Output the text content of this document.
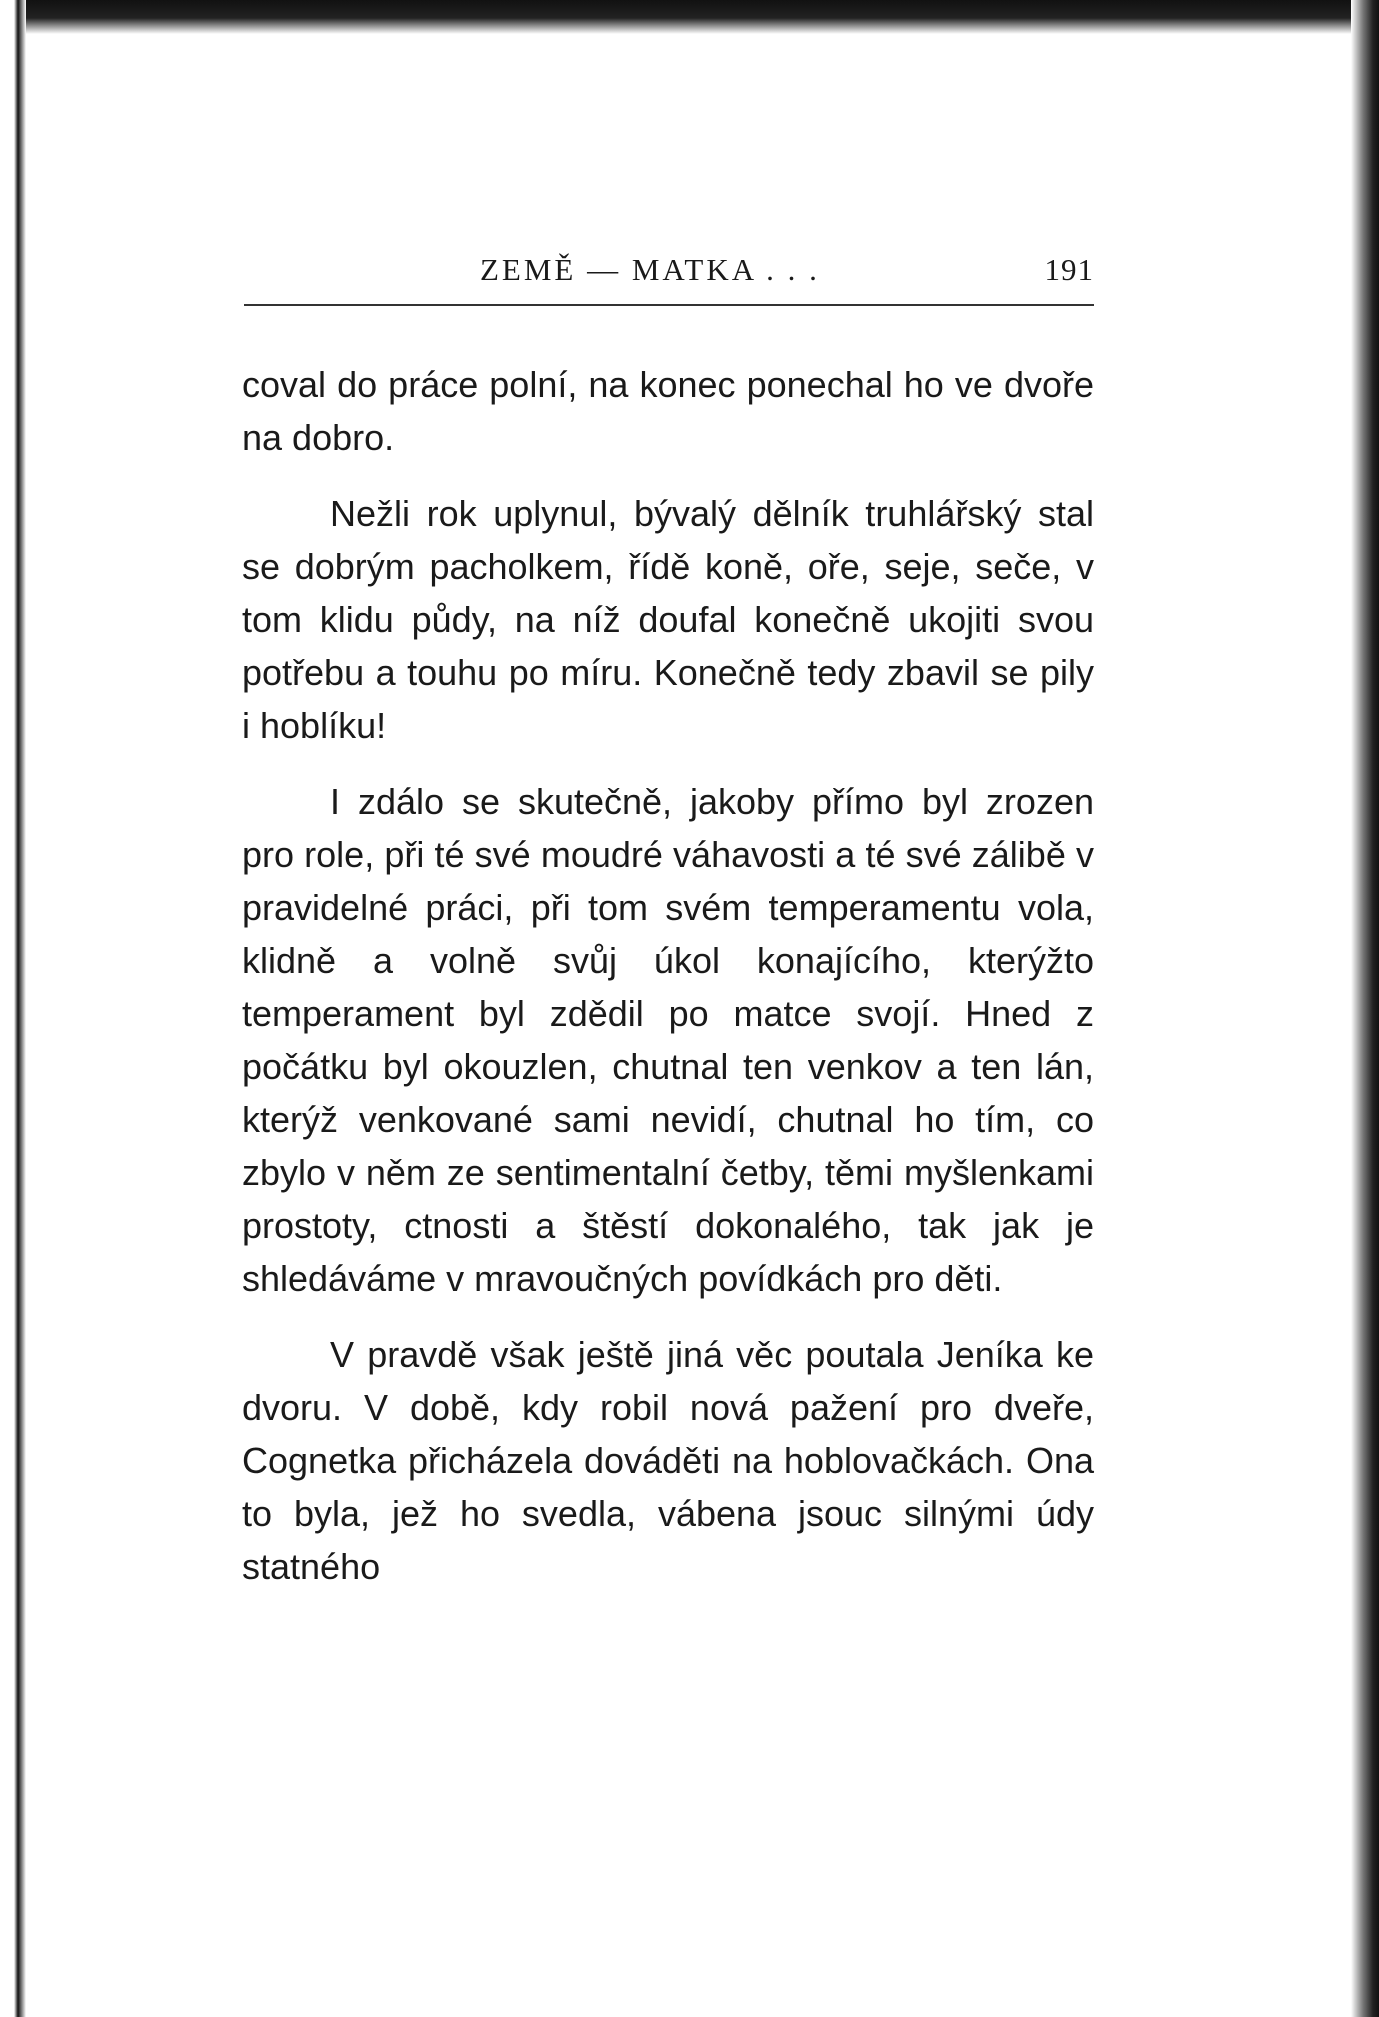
ZEMĚ — MATKA . . .	191

coval do práce polní, na konec ponechal ho ve dvoře na dobro.

Nežli rok uplynul, bývalý dělník truhlářský stal se dobrým pacholkem, řídě koně, oře, seje, seče, v tom klidu půdy, na níž doufal konečně ukojiti svou potřebu a touhu po míru. Konečně tedy zbavil se pily i hoblíku!

I zdálo se skutečně, jakoby přímo byl zrozen pro role, při té své moudré váhavosti a té své zálibě v pravidelné práci, při tom svém temperamentu vola, klidně a volně svůj úkol konajícího, kterýžto temperament byl zdědil po matce svojí. Hned z počátku byl okouzlen, chutnal ten venkov a ten lán, kterýž venkované sami nevidí, chutnal ho tím, co zbylo v něm ze sentimentalní četby, těmi myšlenkami prostoty, ctnosti a štěstí dokonalého, tak jak je shledáváme v mravoučných povídkách pro děti.

V pravdě však ještě jiná věc poutala Jeníka ke dvoru. V době, kdy robil nová pažení pro dveře, Cognetka přicházela dováděti na hoblovačkách. Ona to byla, jež ho svedla, vábena jsouc silnými údy statného
